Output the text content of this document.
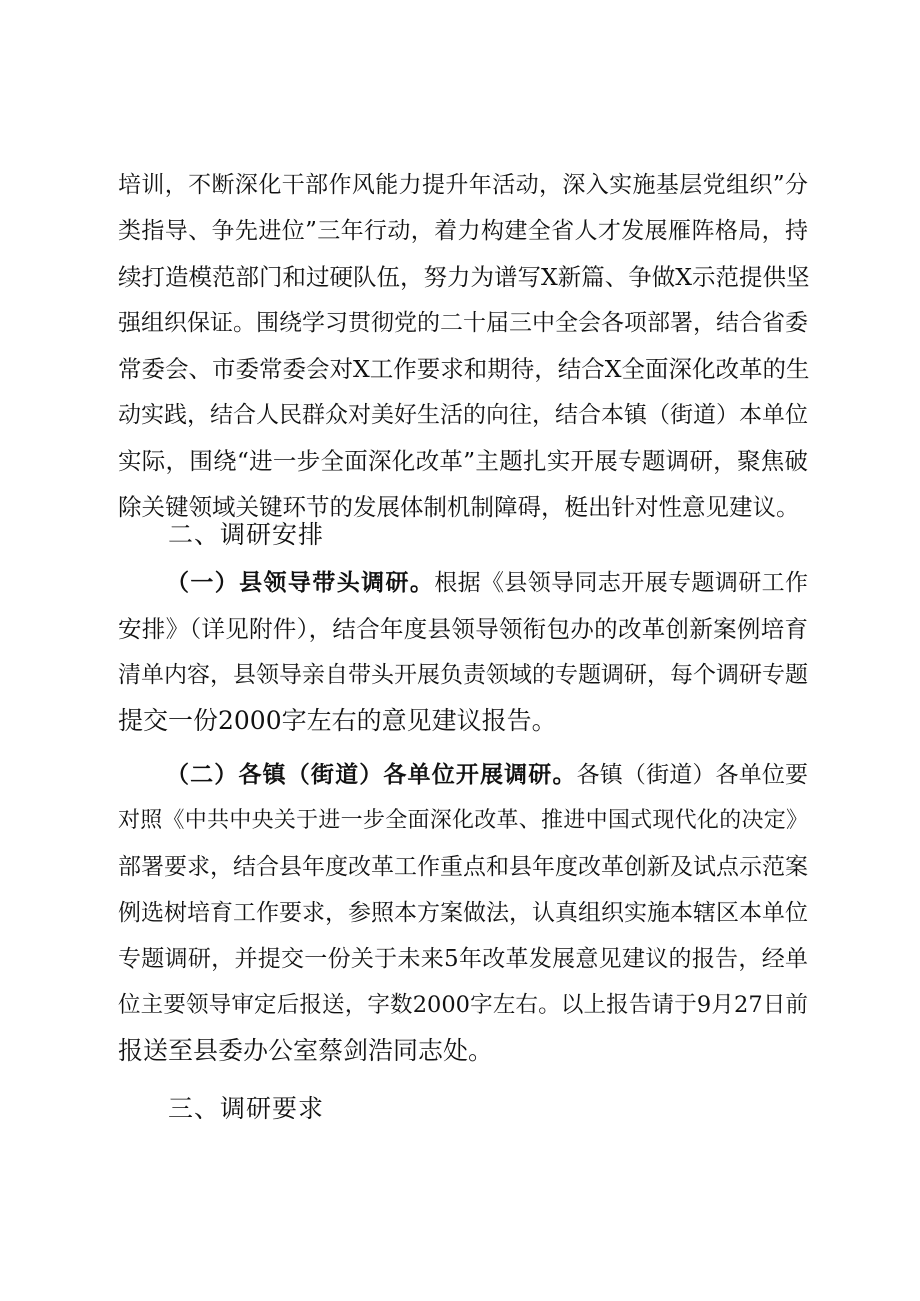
培训，不断深化干部作风能力提升年活动，深入实施基层党组织”分
类指导、争先进位”三年行动，着力构建全省人才发展雁阵格局，持
续打造模范部门和过硬队伍，努力为谱写X新篇、争做X示范提供坚
强组织保证。围绕学习贯彻党的二十届三中全会各项部署，结合省委
常委会、市委常委会对X工作要求和期待，结合X全面深化改革的生
动实践，结合人民群众对美好生活的向往，结合本镇（街道）本单位
实际，围绕“进一步全面深化改革”主题扎实开展专题调研，聚焦破
除关键领域关键环节的发展体制机制障碍，梃出针对性意见建议。
二、调研安排
（一）县领导带头调研。根据《县领导同志开展专题调研工作
安排》（详见附件），结合年度县领导领衔包办的改革创新案例培育
清单内容，县领导亲自带头开展负责领域的专题调研，每个调研专题
提交一份2000字左右的意见建议报告。
（二）各镇（街道）各单位开展调研。各镇（街道）各单位要
对照《中共中央关于进一步全面深化改革、推进中国式现代化的决定》
部署要求，结合县年度改革工作重点和县年度改革创新及试点示范案
例选树培育工作要求，参照本方案做法，认真组织实施本辖区本单位
专题调研，并提交一份关于未来5年改革发展意见建议的报告，经单
位主要领导审定后报送，字数2000字左右。以上报告请于9月27日前
报送至县委办公室蔡剑浩同志处。
三、调研要求
